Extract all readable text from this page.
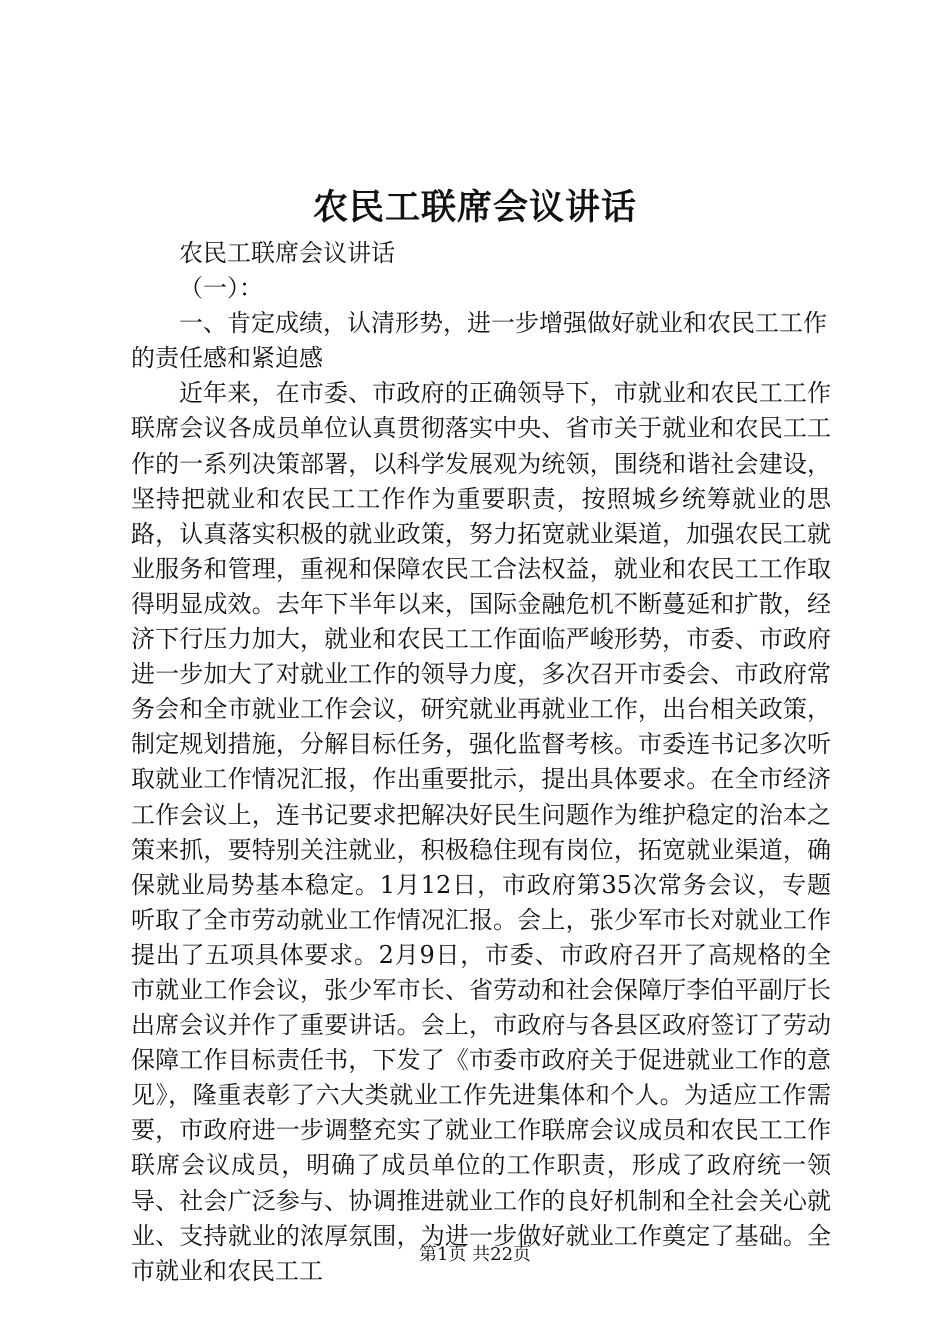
农民工联席会议讲话

农民工联席会议讲话

（一）：

一、肯定成绩，认清形势，进一步增强做好就业和农民工工作的责任感和紧迫感

近年来，在市委、市政府的正确领导下，市就业和农民工工作联席会议各成员单位认真贯彻落实中央、省市关于就业和农民工工作的一系列决策部署，以科学发展观为统领，围绕和谐社会建设，坚持把就业和农民工工作作为重要职责，按照城乡统筹就业的思路，认真落实积极的就业政策，努力拓宽就业渠道，加强农民工就业服务和管理，重视和保障农民工合法权益，就业和农民工工作取得明显成效。去年下半年以来，国际金融危机不断蔓延和扩散，经济下行压力加大，就业和农民工工作面临严峻形势，市委、市政府进一步加大了对就业工作的领导力度，多次召开市委会、市政府常务会和全市就业工作会议，研究就业再就业工作，出台相关政策，制定规划措施，分解目标任务，强化监督考核。市委连书记多次听取就业工作情况汇报，作出重要批示，提出具体要求。在全市经济工作会议上，连书记要求把解决好民生问题作为维护稳定的治本之策来抓，要特别关注就业，积极稳住现有岗位，拓宽就业渠道，确保就业局势基本稳定。1月12日，市政府第35次常务会议，专题听取了全市劳动就业工作情况汇报。会上，张少军市长对就业工作提出了五项具体要求。2月9日，市委、市政府召开了高规格的全市就业工作会议，张少军市长、省劳动和社会保障厅李伯平副厅长出席会议并作了重要讲话。会上，市政府与各县区政府签订了劳动保障工作目标责任书，下发了《市委市政府关于促进就业工作的意见》，隆重表彰了六大类就业工作先进集体和个人。为适应工作需要，市政府进一步调整充实了就业工作联席会议成员和农民工工作联席会议成员，明确了成员单位的工作职责，形成了政府统一领导、社会广泛参与、协调推进就业工作的良好机制和全社会关心就业、支持就业的浓厚氛围，为进一步做好就业工作奠定了基础。全市就业和农民工工

第1页 共22页
